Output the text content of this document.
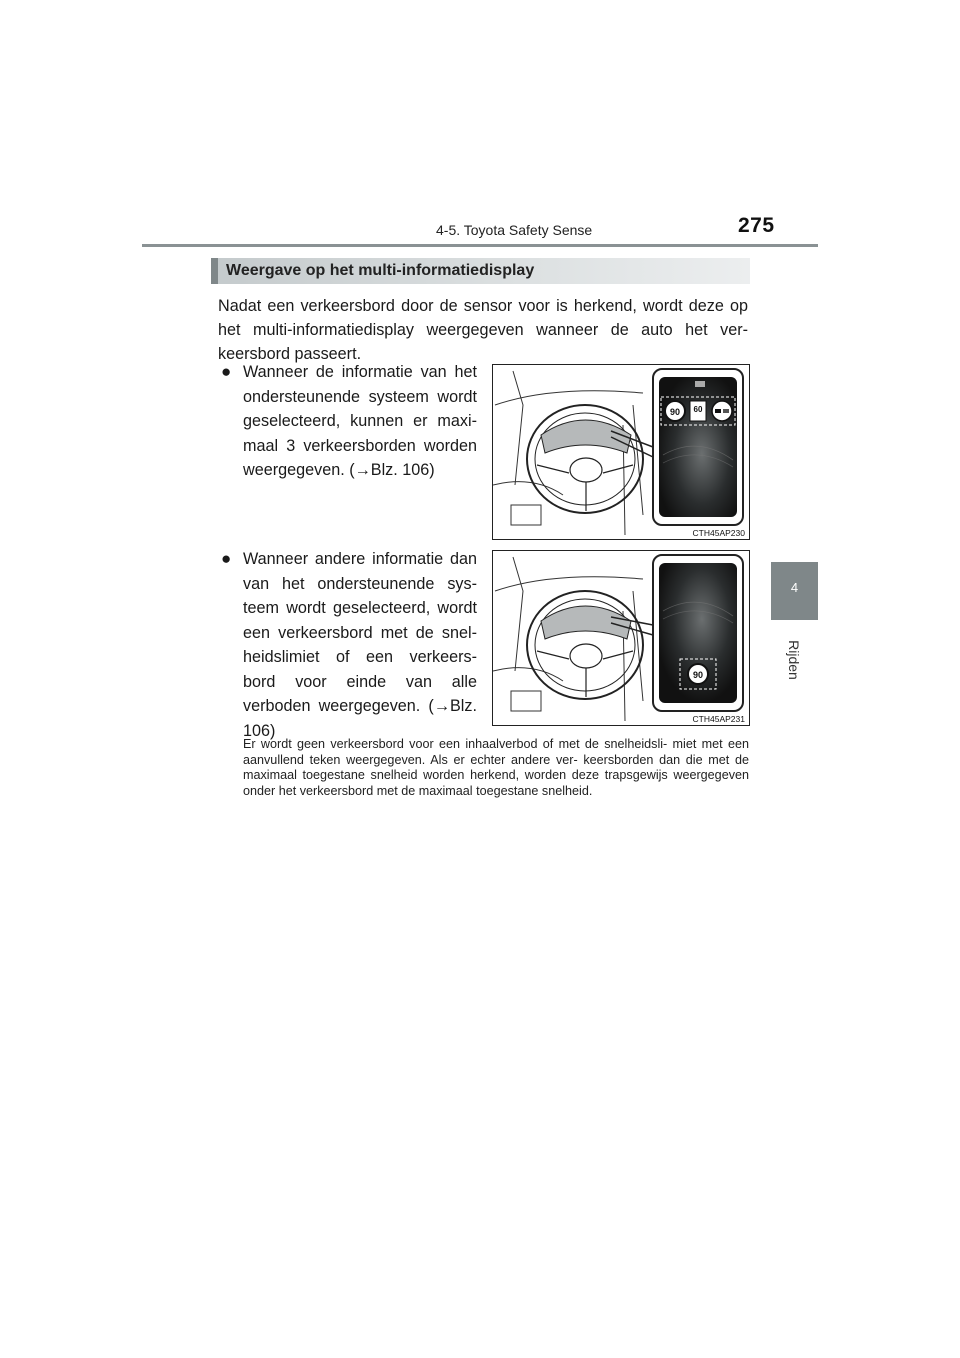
4-5. Toyota Safety Sense	275
4
Rijden
Weergave op het multi-informatiedisplay
Nadat een verkeersbord door de sensor voor is herkend, wordt deze op het multi-informatiedisplay weergegeven wanneer de auto het ver- keersbord passeert.
● Wanneer de informatie van het ondersteunende systeem wordt geselecteerd, kunnen er maxi- maal 3 verkeersborden worden weergegeven. (→Blz. 106)
90 60
CTH45AP230
● Wanneer andere informatie dan van het ondersteunende sys- teem wordt geselecteerd, wordt een verkeersbord met de snel- heidslimiet of een verkeers- bord voor einde van alle verboden weergegeven. (→Blz. 106)
90
CTH45AP231
Er wordt geen verkeersbord voor een inhaalverbod of met de snelheidsli- miet met een aanvullend teken weergegeven. Als er echter andere ver- keersborden dan die met de maximaal toegestane snelheid worden herkend, worden deze trapsgewijs weergegeven onder het verkeersbord met de maximaal toegestane snelheid.
